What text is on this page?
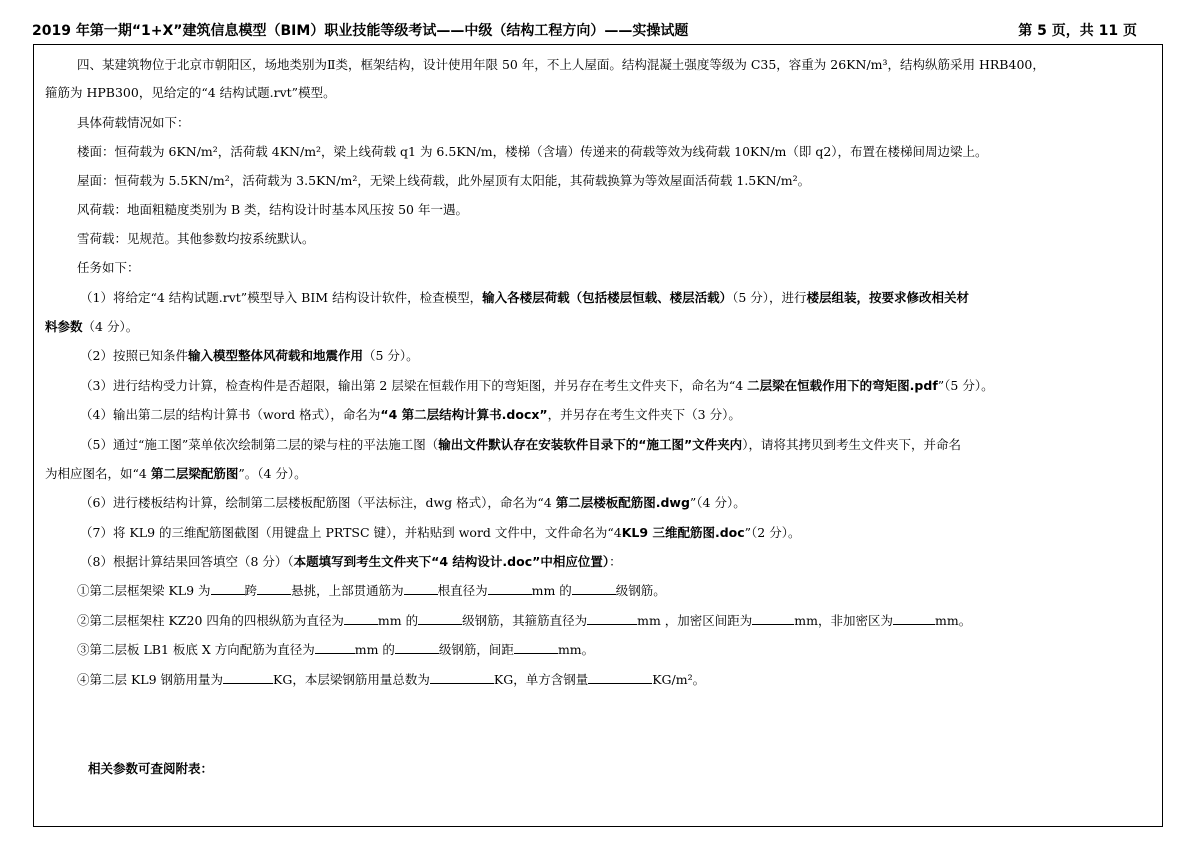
2019 年第一期“1+X”建筑信息模型（BIM）职业技能等级考试——中级（结构工程方向）——实操试题	第 5 页，共 11 页
四、某建筑物位于北京市朝阳区，场地类别为Ⅱ类，框架结构，设计使用年限 50 年，不上人屋面。结构混凝土强度等级为 C35，容重为 26KN/m³，结构纵筋采用 HRB400，
箍筋为 HPB300，见给定的“4 结构试题.rvt”模型。
具体荷载情况如下：
楼面：恒荷载为 6KN/m²，活荷载 4KN/m²，梁上线荷载 q1 为 6.5KN/m，楼梯（含墙）传递来的荷载等效为线荷载 10KN/m（即 q2），布置在楼梯间周边梁上。
屋面：恒荷载为 5.5KN/m²，活荷载为 3.5KN/m²，无梁上线荷载，此外屋顶有太阳能，其荷载换算为等效屋面活荷载 1.5KN/m²。
风荷载：地面粗糙度类别为 B 类，结构设计时基本风压按 50 年一遇。
雪荷载：见规范。其他参数均按系统默认。
任务如下：
（1）将给定“4 结构试题.rvt”模型导入 BIM 结构设计软件，检查模型，输入各楼层荷载（包括楼层恒载、楼层活载）（5 分），进行楼层组装，按要求修改相关材
料参数（4 分）。
（2）按照已知条件输入模型整体风荷载和地震作用（5 分）。
（3）进行结构受力计算，检查构件是否超限，输出第 2 层梁在恒载作用下的弯矩图，并另存在考生文件夹下，命名为“4 二层梁在恒载作用下的弯矩图.pdf”（5 分）。
（4）输出第二层的结构计算书（word 格式），命名为“4 第二层结构计算书.docx”，并另存在考生文件夹下（3 分）。
（5）通过“施工图”菜单依次绘制第二层的梁与柱的平法施工图（输出文件默认存在安装软件目录下的“施工图”文件夹内），请将其拷贝到考生文件夹下，并命名
为相应图名，如“4 第二层梁配筋图”。（4 分）。
（6）进行楼板结构计算，绘制第二层楼板配筋图（平法标注，dwg 格式），命名为“4 第二层楼板配筋图.dwg”（4 分）。
（7）将 KL9 的三维配筋图截图（用键盘上 PRTSC 键），并粘贴到 word 文件中，文件命名为“4KL9 三维配筋图.doc”（2 分）。
（8）根据计算结果回答填空（8 分）（本题填写到考生文件夹下“4 结构设计.doc”中相应位置）：
①第二层框架梁 KL9 为	跨	悬挑，上部贯通筋为	根直径为	mm 的	级钢筋。
②第二层框架柱 KZ20 四角的四根纵筋为直径为	mm 的	级钢筋，其箍筋直径为	mm ，加密区间距为	mm，非加密区为	mm。
③第二层板 LB1 板底 X 方向配筋为直径为	mm 的	级钢筋，间距	mm。
④第二层 KL9 钢筋用量为	KG，本层梁钢筋用量总数为	KG，单方含钢量	KG/m²。
相关参数可查阅附表：
